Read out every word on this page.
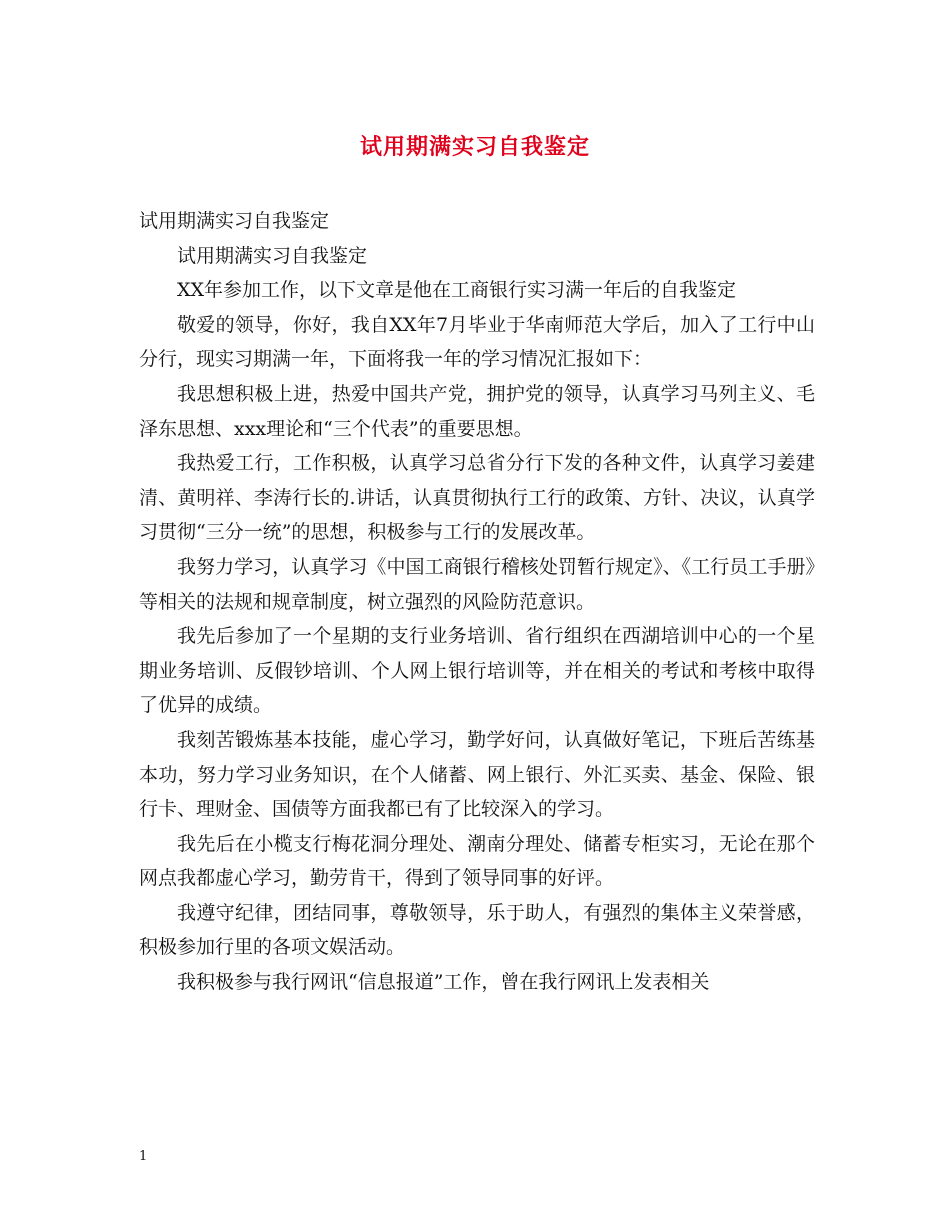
试用期满实习自我鉴定

试用期满实习自我鉴定

试用期满实习自我鉴定

XX年参加工作，以下文章是他在工商银行实习满一年后的自我鉴定

敬爱的领导，你好，我自XX年7月毕业于华南师范大学后，加入了工行中山分行，现实习期满一年，下面将我一年的学习情况汇报如下：

我思想积极上进，热爱中国共产党，拥护党的领导，认真学习马列主义、毛泽东思想、xxx理论和“三个代表”的重要思想。

我热爱工行，工作积极，认真学习总省分行下发的各种文件，认真学习姜建清、黄明祥、李涛行长的.讲话，认真贯彻执行工行的政策、方针、决议，认真学习贯彻“三分一统”的思想，积极参与工行的发展改革。

我努力学习，认真学习《中国工商银行稽核处罚暂行规定》、《工行员工手册》等相关的法规和规章制度，树立强烈的风险防范意识。

我先后参加了一个星期的支行业务培训、省行组织在西湖培训中心的一个星期业务培训、反假钞培训、个人网上银行培训等，并在相关的考试和考核中取得了优异的成绩。

我刻苦锻炼基本技能，虚心学习，勤学好问，认真做好笔记，下班后苦练基本功，努力学习业务知识，在个人储蓄、网上银行、外汇买卖、基金、保险、银行卡、理财金、国债等方面我都已有了比较深入的学习。

我先后在小榄支行梅花洞分理处、潮南分理处、储蓄专柜实习，无论在那个网点我都虚心学习，勤劳肯干，得到了领导同事的好评。

我遵守纪律，团结同事，尊敬领导，乐于助人，有强烈的集体主义荣誉感，积极参加行里的各项文娱活动。

我积极参与我行网讯“信息报道”工作，曾在我行网讯上发表相关

1
